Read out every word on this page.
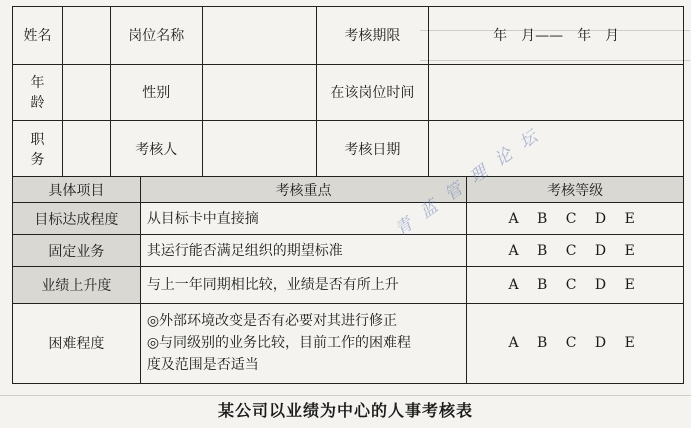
姓名		岗位名称		考核期限	年　月——　年　月
年龄		性别		在该岗位时间	
职务		考核人		考核日期	
具体项目	考核重点	考核等级
目标达成程度	从目标卡中直接摘	A B C D E
固定业务	其运行能否满足组织的期望标准	A B C D E
业绩上升度	与上一年同期相比较，业绩是否有所上升	A B C D E
困难程度	◎外部环境改变是否有必要对其进行修正
◎与同级别的业务比较，目前工作的困难程
度及范围是否适当	A B C D E
青 蓝 管 理 论 坛
某公司以业绩为中心的人事考核表
